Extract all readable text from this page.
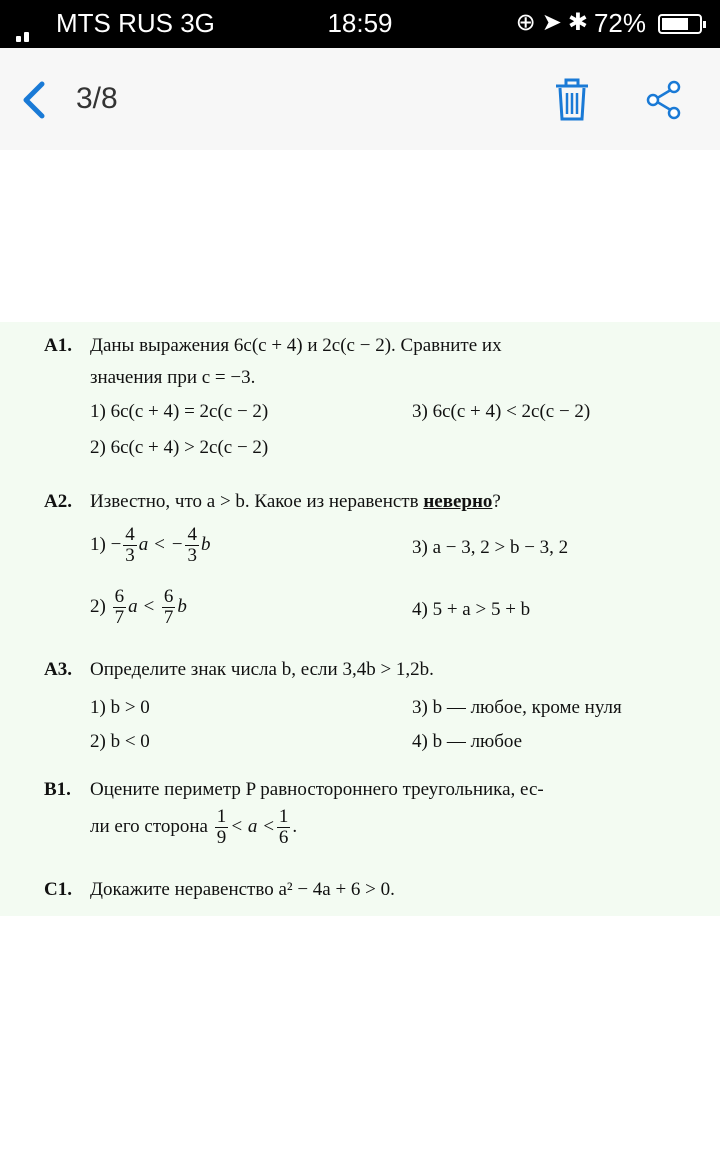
MTS RUS 3G	18:59	⊕➤✱ 72%
3/8
А1. Даны выражения 6c(c + 4) и 2c(c − 2). Сравните их
значения при c = −3.
1) 6c(c + 4) = 2c(c − 2)	3) 6c(c + 4) < 2c(c − 2)
2) 6c(c + 4) > 2c(c − 2)
А2. Известно, что a > b. Какое из неравенств неверно?
$1) - \frac{4}{3}$ a < − $\frac{4}{3}$ b	3) a − 3, 2 > b − 3, 2
$2) \frac{6}{7}$ $a < \frac{6}{7}$ b	4) 5 + a > 5 + b
А3. Определите знак числа b, если 3,4b > 1,2b.
1) b > 0	3) b — любое, кроме нуля
2) b < 0	4) b — любое
В1. Оцените периметр P равностороннего треугольника, ес-
ли его сторона $\frac{1}{9} < a < \frac{1}{6}$ .
С1. Докажите неравенство a² − 4a + 6 > 0.
